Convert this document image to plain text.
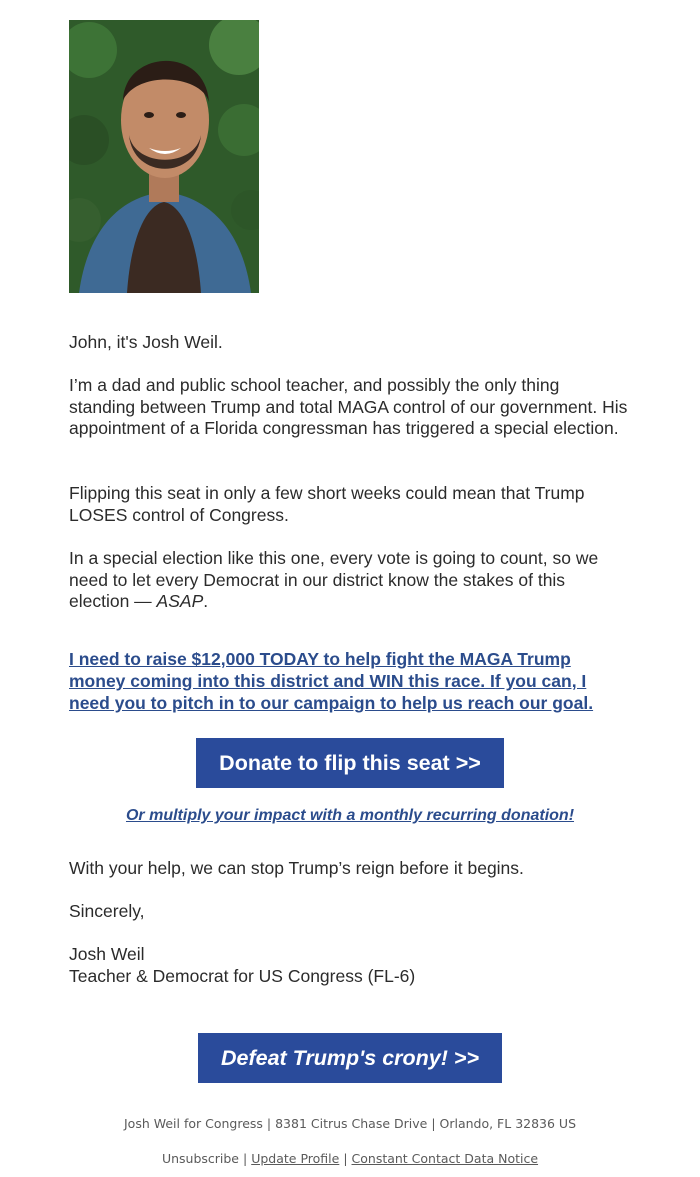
John, it's Josh Weil.

I’m a dad and public school teacher, and possibly the only thing standing between Trump and total MAGA control of our government. His appointment of a Florida congressman has triggered a special election.

Flipping this seat in only a few short weeks could mean that Trump LOSES control of Congress.

In a special election like this one, every vote is going to count, so we need to let every Democrat in our district know the stakes of this election — ASAP.

I need to raise $12,000 TODAY to help fight the MAGA Trump money coming into this district and WIN this race. If you can, I need you to pitch in to our campaign to help us reach our goal.

Donate to flip this seat >>
Or multiply your impact with a monthly recurring donation!

With your help, we can stop Trump’s reign before it begins.

Sincerely,

Josh Weil

Teacher & Democrat for US Congress (FL-6)

Defeat Trump's crony! >>
Josh Weil for Congress | 8381 Citrus Chase Drive | Orlando, FL 32836 US
Unsubscribe | Update Profile | Constant Contact Data Notice
